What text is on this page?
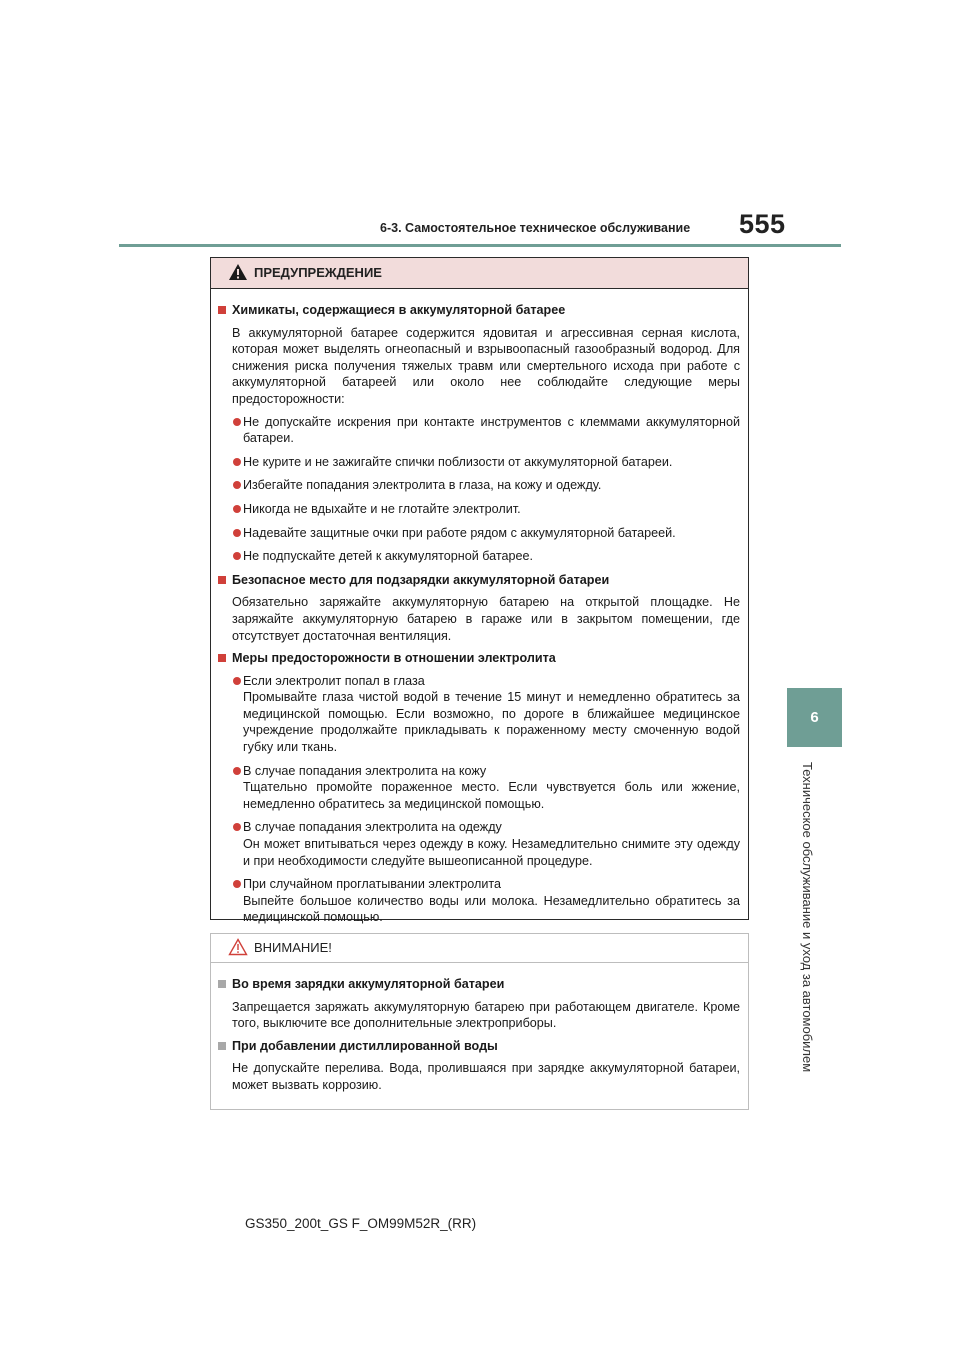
6-3. Самостоятельное техническое обслуживание 555
6
Техническое обслуживание и уход за автомобилем
ПРЕДУПРЕЖДЕНИЕ
Химикаты, содержащиеся в аккумуляторной батарее
В аккумуляторной батарее содержится ядовитая и агрессивная серная кислота, которая может выделять огнеопасный и взрывоопасный газообразный водород. Для снижения риска получения тяжелых травм или смертельного исхода при работе с аккумуляторной батареей или около нее соблюдайте следующие меры предосторожности:
Не допускайте искрения при контакте инструментов с клеммами аккумуляторной батареи.
Не курите и не зажигайте спички поблизости от аккумуляторной батареи.
Избегайте попадания электролита в глаза, на кожу и одежду.
Никогда не вдыхайте и не глотайте электролит.
Надевайте защитные очки при работе рядом с аккумуляторной батареей.
Не подпускайте детей к аккумуляторной батарее.
Безопасное место для подзарядки аккумуляторной батареи
Обязательно заряжайте аккумуляторную батарею на открытой площадке. Не заряжайте аккумуляторную батарею в гараже или в закрытом помещении, где отсутствует достаточная вентиляция.
Меры предосторожности в отношении электролита
Если электролит попал в глаза
Промывайте глаза чистой водой в течение 15 минут и немедленно обратитесь за медицинской помощью. Если возможно, по дороге в ближайшее медицинское учреждение продолжайте прикладывать к пораженному месту смоченную водой губку или ткань.
В случае попадания электролита на кожу
Тщательно промойте пораженное место. Если чувствуется боль или жжение, немедленно обратитесь за медицинской помощью.
В случае попадания электролита на одежду
Он может впитываться через одежду в кожу. Незамедлительно снимите эту одежду и при необходимости следуйте вышеописанной процедуре.
При случайном проглатывании электролита
Выпейте большое количество воды или молока. Незамедлительно обратитесь за медицинской помощью.
ВНИМАНИЕ!
Во время зарядки аккумуляторной батареи
Запрещается заряжать аккумуляторную батарею при работающем двигателе. Кроме того, выключите все дополнительные электроприборы.
При добавлении дистиллированной воды
Не допускайте перелива. Вода, пролившаяся при зарядке аккумуляторной батареи, может вызвать коррозию.
GS350_200t_GS F_OM99M52R_(RR)
